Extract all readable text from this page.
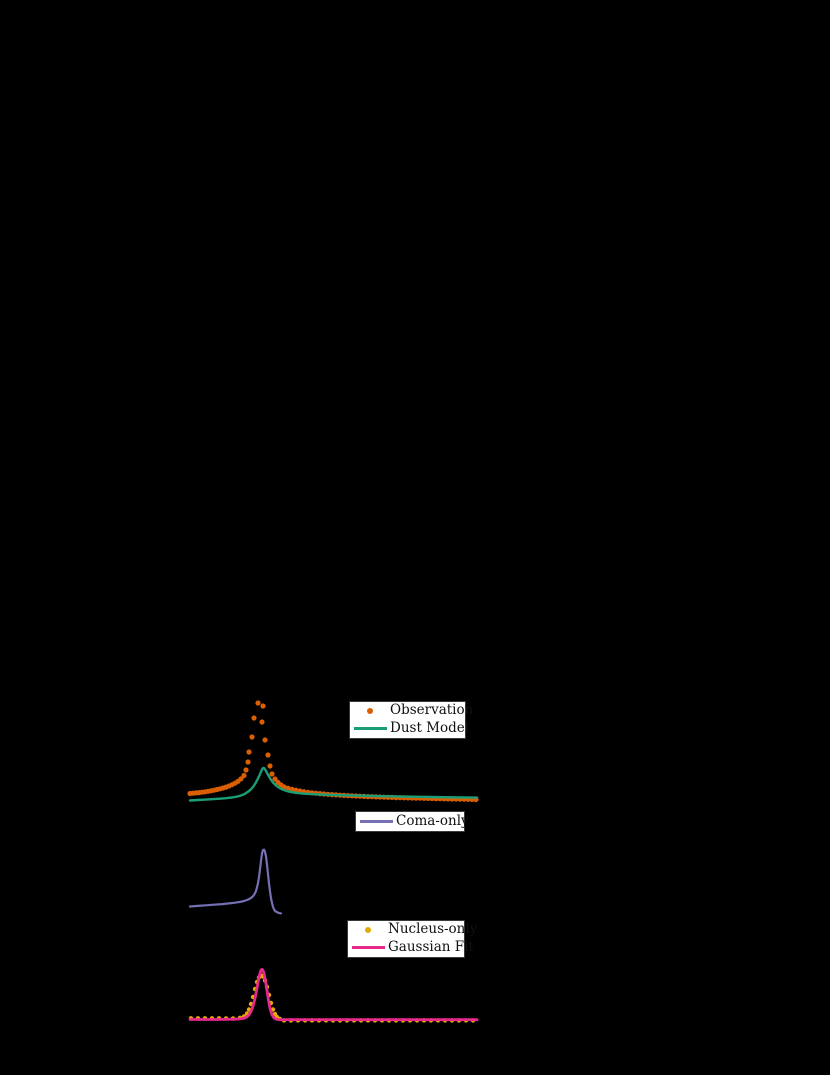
Observation
Dust Model
Coma-only
Nucleus-only
Gaussian Fit
